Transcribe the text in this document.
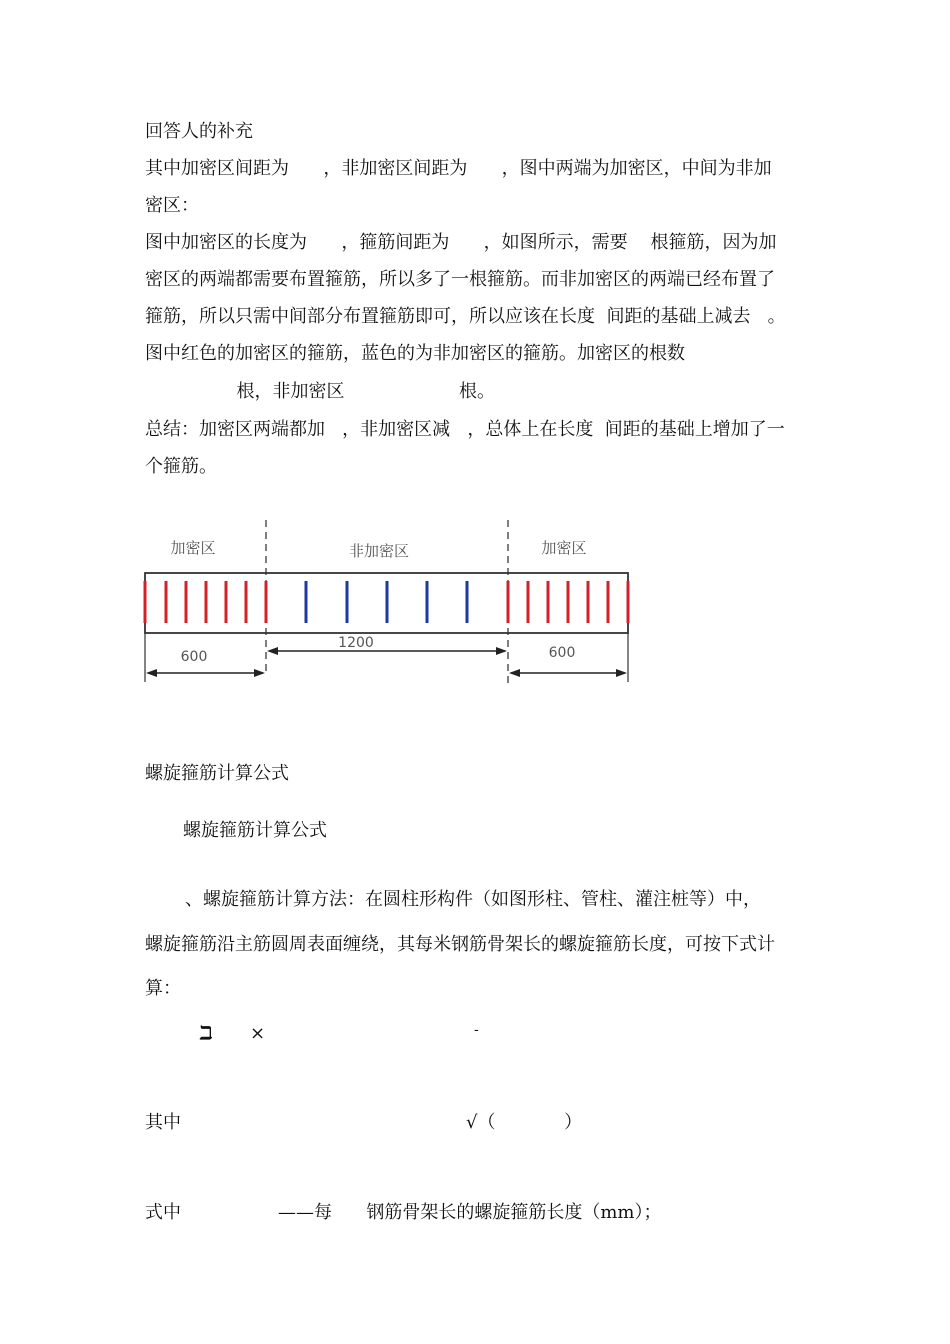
回答人的补充
其中加密区间距为      ，非加密区间距为      ，图中两端为加密区，中间为非加
密区：
图中加密区的长度为      ，箍筋间距为      ，如图所示，需要    根箍筋，因为加
密区的两端都需要布置箍筋，所以多了一根箍筋。而非加密区的两端已经布置了
箍筋，所以只需中间部分布置箍筋即可，所以应该在长度  间距的基础上减去   。
图中红色的加密区的箍筋，蓝色的为非加密区的箍筋。加密区的根数
根，非加密区                    根。
总结：加密区两端都加   ，非加密区减   ，总体上在长度  间距的基础上增加了一
个箍筋。
加密区	非加密区	加密区
600
1200
600
螺旋箍筋计算公式
螺旋箍筋计算公式
、螺旋箍筋计算方法：在圆柱形构件（如图形柱、管柱、灌注桩等）中，
螺旋箍筋沿主筋圆周表面缠绕，其每米钢筋骨架长的螺旋箍筋长度，可按下式计
算：
ℶ ×	-
其中	√（            ）
式中	——每      钢筋骨架长的螺旋箍筋长度（mm）；
